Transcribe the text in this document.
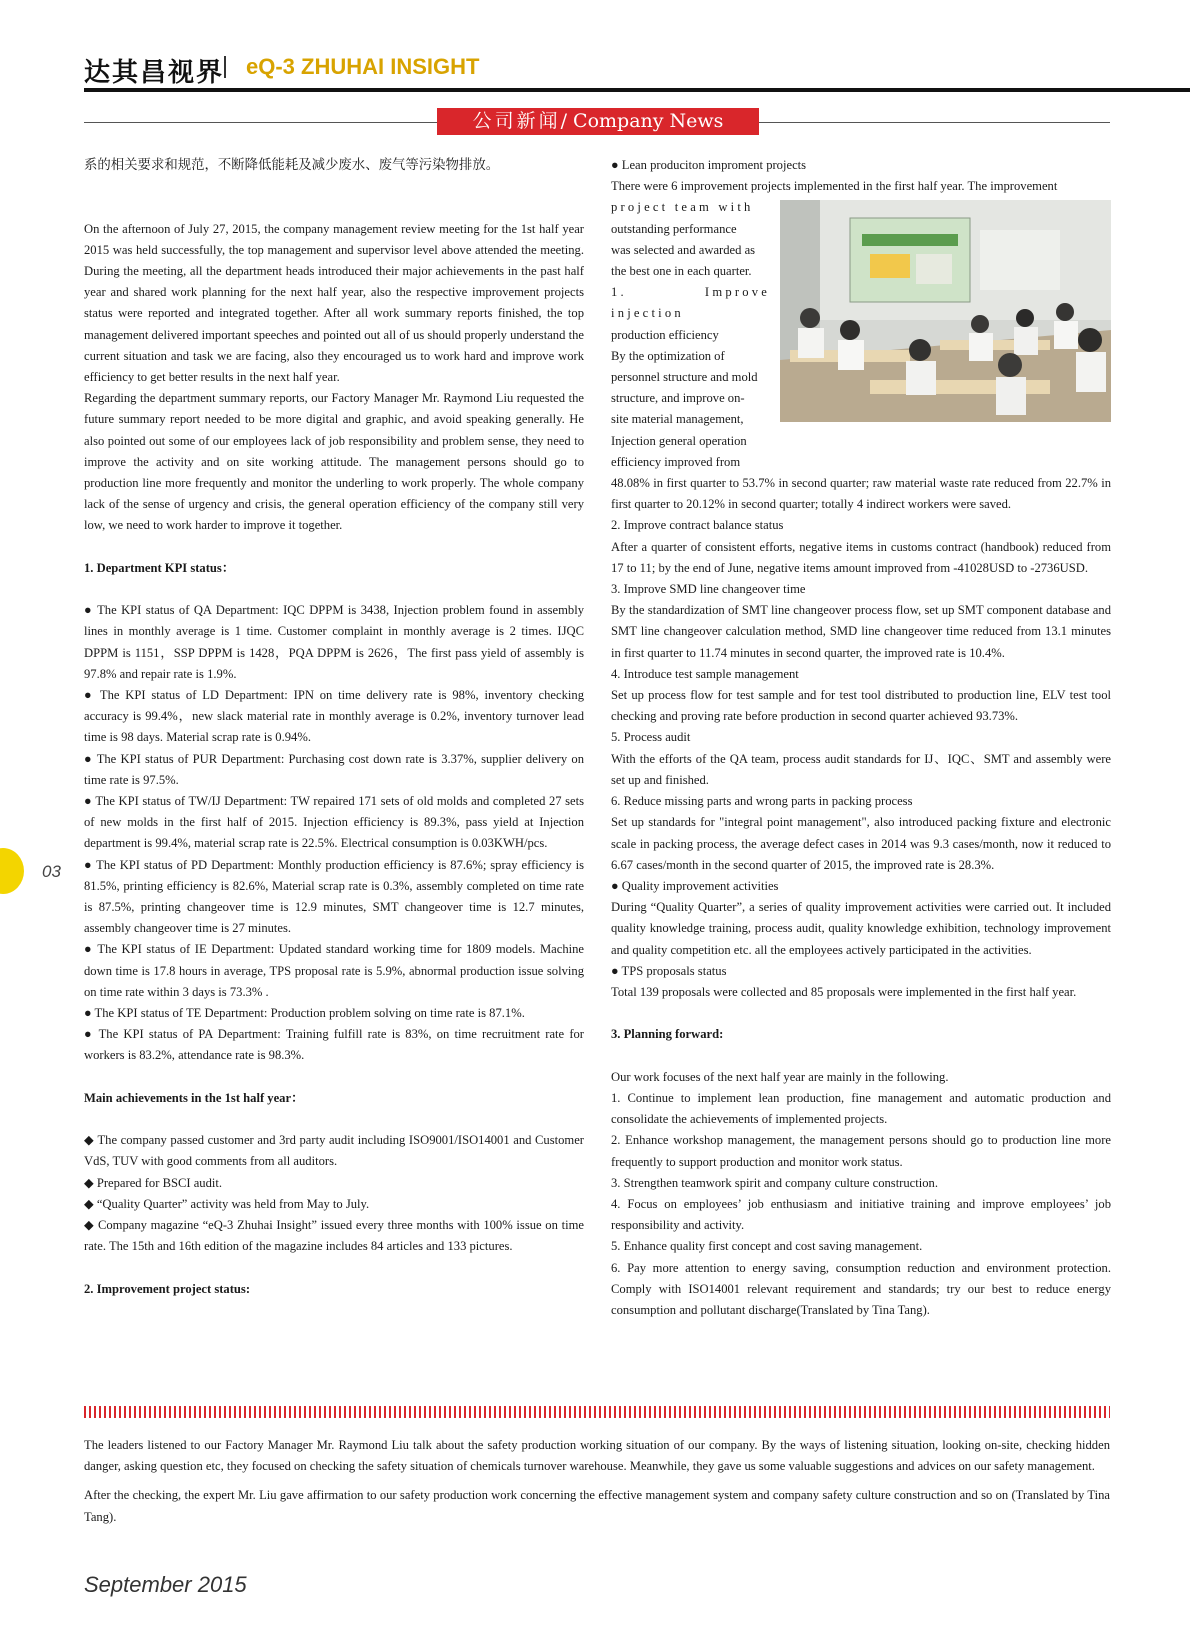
达其昌视界 eQ-3 ZHUHAI INSIGHT
公司新闻/ Company News

系的相关要求和规范，不断降低能耗及减少废水、废气等污染物排放。

On the afternoon of July 27, 2015, the company management review meeting for the 1st half year 2015 was held successfully, the top management and supervisor level above attended the meeting. During the meeting, all the department heads introduced their major achievements in the past half year and shared work planning for the next half year, also the respective improvement projects status were reported and integrated together. After all work summary reports finished, the top management delivered important speeches and pointed out all of us should properly understand the current situation and task we are facing, also they encouraged us to work hard and improve work efficiency to get better results in the next half year.

Regarding the department summary reports, our Factory Manager Mr. Raymond Liu requested the future summary report needed to be more digital and graphic, and avoid speaking generally. He also pointed out some of our employees lack of job responsibility and problem sense, they need to improve the activity and on site working attitude. The management persons should go to production line more frequently and monitor the underling to work properly. The whole company lack of the sense of urgency and crisis, the general operation efficiency of the company still very low, we need to work harder to improve it together.

1. Department KPI status：

● The KPI status of QA Department: IQC DPPM is 3438, Injection problem found in assembly lines in monthly average is 1 time. Customer complaint in monthly average is 2 times. IJQC DPPM is 1151，SSP DPPM is 1428，PQA DPPM is 2626，The first pass yield of assembly is 97.8% and repair rate is 1.9%.

● The KPI status of LD Department: IPN on time delivery rate is 98%, inventory checking accuracy is 99.4%，new slack material rate in monthly average is 0.2%, inventory turnover lead time is 98 days. Material scrap rate is 0.94%.

● The KPI status of PUR Department: Purchasing cost down rate is 3.37%, supplier delivery on time rate is 97.5%.

● The KPI status of TW/IJ Department: TW repaired 171 sets of old molds and completed 27 sets of new molds in the first half of 2015. Injection efficiency is 89.3%, pass yield at Injection department is 99.4%, material scrap rate is 22.5%. Electrical consumption is 0.03KWH/pcs.

● The KPI status of PD Department: Monthly production efficiency is 87.6%; spray efficiency is 81.5%, printing efficiency is 82.6%, Material scrap rate is 0.3%, assembly completed on time rate is 87.5%, printing changeover time is 12.9 minutes, SMT changeover time is 12.7 minutes, assembly changeover time is 27 minutes.

● The KPI status of IE Department: Updated standard working time for 1809 models. Machine down time is 17.8 hours in average, TPS proposal rate is 5.9%, abnormal production issue solving on time rate within 3 days is 73.3% .

● The KPI status of TE Department: Production problem solving on time rate is 87.1%.

● The KPI status of PA Department: Training fulfill rate is 83%, on time recruitment rate for workers is 83.2%, attendance rate is 98.3%.

Main achievements in the 1st half year：

◆ The company passed customer and 3rd party audit including ISO9001/ISO14001 and Customer VdS, TUV with good comments from all auditors.

◆ Prepared for BSCI audit.

◆ “Quality Quarter” activity was held from May to July.

◆ Company magazine “eQ-3 Zhuhai Insight” issued every three months with 100% issue on time rate. The 15th and 16th edition of the magazine includes 84 articles and 133 pictures.

2. Improvement project status:

● Lean produciton improment projects

There were 6 improvement projects implemented in the first half year. The improvement

project team with

outstanding performance

was selected and awarded as

the best one in each quarter.

1. Improve injection

production efficiency

By the optimization of

personnel structure and mold

structure, and improve on-

site material management,

Injection general operation

efficiency improved from

48.08% in first quarter to 53.7% in second quarter; raw material waste rate reduced from 22.7% in first quarter to 20.12% in second quarter; totally 4 indirect workers were saved.

2. Improve contract balance status

After a quarter of consistent efforts, negative items in customs contract (handbook) reduced from 17 to 11; by the end of June, negative items amount improved from -41028USD to -2736USD.

3. Improve SMD line changeover time

By the standardization of SMT line changeover process flow, set up SMT component database and SMT line changeover calculation method, SMD line changeover time reduced from 13.1 minutes in first quarter to 11.74 minutes in second quarter, the improved rate is 10.4%.

4. Introduce test sample management

Set up process flow for test sample and for test tool distributed to production line, ELV test tool checking and proving rate before production in second quarter achieved 93.73%.

5. Process audit

With the efforts of the QA team, process audit standards for IJ、IQC、SMT and assembly were set up and finished.

6. Reduce missing parts and wrong parts in packing process

Set up standards for "integral point management", also introduced packing fixture and electronic scale in packing process, the average defect cases in 2014 was 9.3 cases/month, now it reduced to 6.67 cases/month in the second quarter of 2015, the improved rate is 28.3%.

● Quality improvement activities

During “Quality Quarter”, a series of quality improvement activities were carried out. It included quality knowledge training, process audit, quality knowledge exhibition, technology improvement and quality competition etc. all the employees actively participated in the activities.

● TPS proposals status

Total 139 proposals were collected and 85 proposals were implemented in the first half year.

3. Planning forward:

Our work focuses of the next half year are mainly in the following.

1. Continue to implement lean production, fine management and automatic production and consolidate the achievements of implemented projects.

2. Enhance workshop management, the management persons should go to production line more frequently to support production and monitor work status.

3. Strengthen teamwork spirit and company culture construction.

4. Focus on employees’ job enthusiasm and initiative training and improve employees’ job responsibility and activity.

5. Enhance quality first concept and cost saving management.

6. Pay more attention to energy saving, consumption reduction and environment protection. Comply with ISO14001 relevant requirement and standards; try our best to reduce energy consumption and pollutant discharge(Translated by Tina Tang).

The leaders listened to our Factory Manager Mr. Raymond Liu talk about the safety production working situation of our company. By the ways of listening situation, looking on-site, checking hidden danger, asking question etc, they focused on checking the safety situation of chemicals turnover warehouse. Meanwhile, they gave us some valuable suggestions and advices on our safety management.

After the checking, the expert Mr. Liu gave affirmation to our safety production work concerning the effective management system and company safety culture construction and so on (Translated by Tina Tang).

03
September 2015
